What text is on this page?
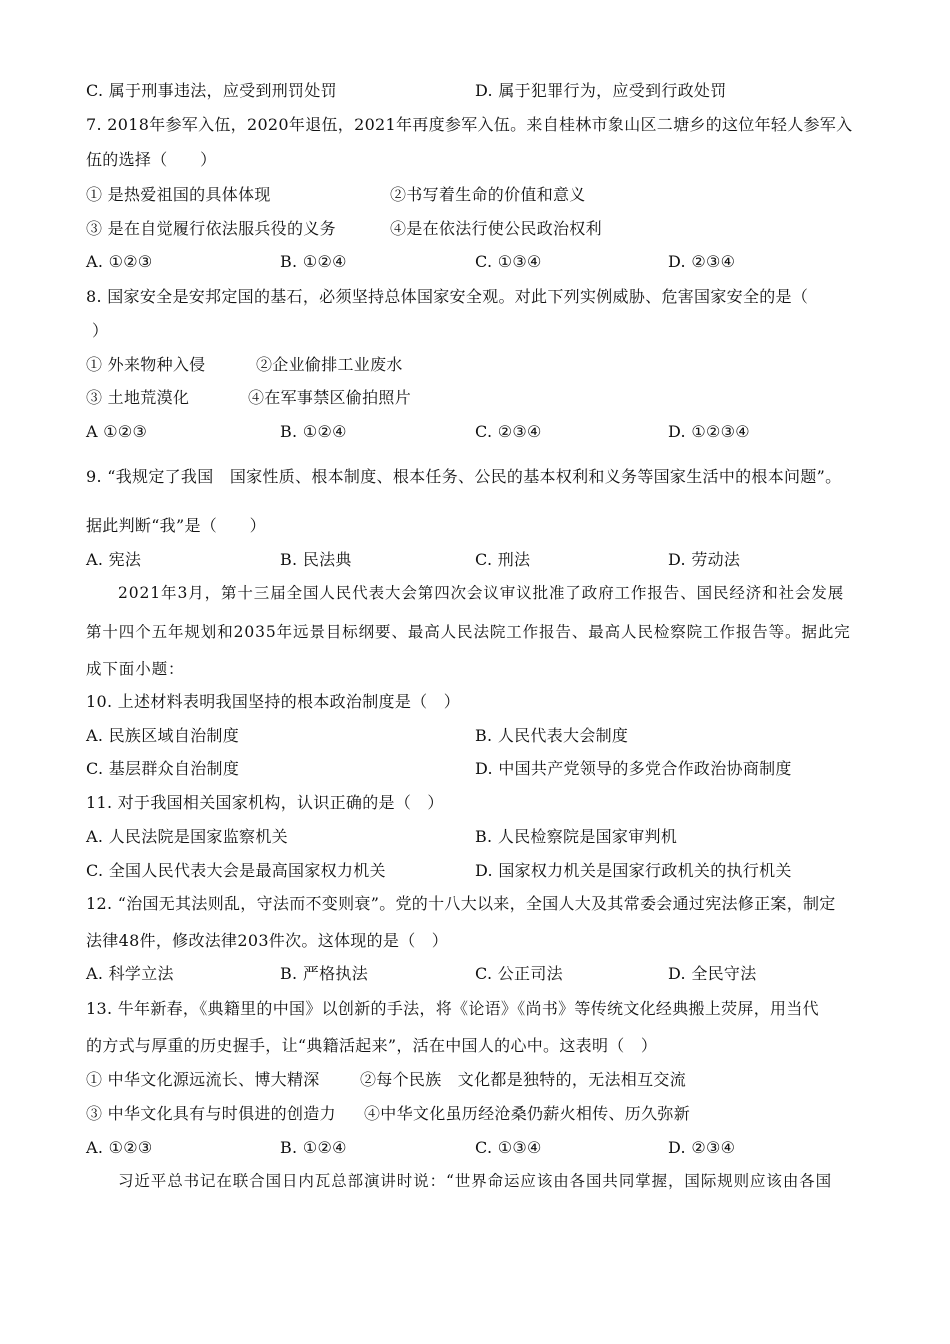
C. 属于刑事违法，应受到刑罚处罚	D. 属于犯罪行为，应受到行政处罚
7. 2018年参军入伍，2020年退伍，2021年再度参军入伍。来自桂林市象山区二塘乡的这位年轻人参军入
伍的选择（　　）
① 是热爱祖国的具体体现	②书写着生命的价值和意义
③ 是在自觉履行依法服兵役的义务	④是在依法行使公民政治权利
A. ①②③	B. ①②④	C. ①③④	D. ②③④
8. 国家安全是安邦定国的基石，必须坚持总体国家安全观。对此下列实例威胁、危害国家安全的是（
）
① 外来物种入侵	②企业偷排工业废水
③ 土地荒漠化	④在军事禁区偷拍照片
A ①②③	B. ①②④	C. ②③④	D. ①②③④
9. “我规定了我国　国家性质、根本制度、根本任务、公民的基本权利和义务等国家生活中的根本问题”。
据此判断“我”是（　　）
A. 宪法	B. 民法典	C. 刑法	D. 劳动法
2021年3月，第十三届全国人民代表大会第四次会议审议批准了政府工作报告、国民经济和社会发展
第十四个五年规划和2035年远景目标纲要、最高人民法院工作报告、最高人民检察院工作报告等。据此完
成下面小题：
10. 上述材料表明我国坚持的根本政治制度是（　）
A. 民族区域自治制度	B. 人民代表大会制度
C. 基层群众自治制度	D. 中国共产党领导的多党合作政治协商制度
11. 对于我国相关国家机构，认识正确的是（　）
A. 人民法院是国家监察机关	B. 人民检察院是国家审判机
C. 全国人民代表大会是最高国家权力机关	D. 国家权力机关是国家行政机关的执行机关
12. “治国无其法则乱，守法而不变则衰”。党的十八大以来，全国人大及其常委会通过宪法修正案，制定
法律48件，修改法律203件次。这体现的是（　）
A. 科学立法	B. 严格执法	C. 公正司法	D. 全民守法
13. 牛年新春，《典籍里的中国》以创新的手法，将《论语》《尚书》等传统文化经典搬上荧屏，用当代
的方式与厚重的历史握手，让“典籍活起来”，活在中国人的心中。这表明（　）
① 中华文化源远流长、博大精深	②每个民族　文化都是独特的，无法相互交流
③ 中华文化具有与时俱进的创造力 ④中华文化虽历经沧桑仍薪火相传、历久弥新
A. ①②③	B. ①②④	C. ①③④	D. ②③④
习近平总书记在联合国日内瓦总部演讲时说：“世界命运应该由各国共同掌握，国际规则应该由各国
